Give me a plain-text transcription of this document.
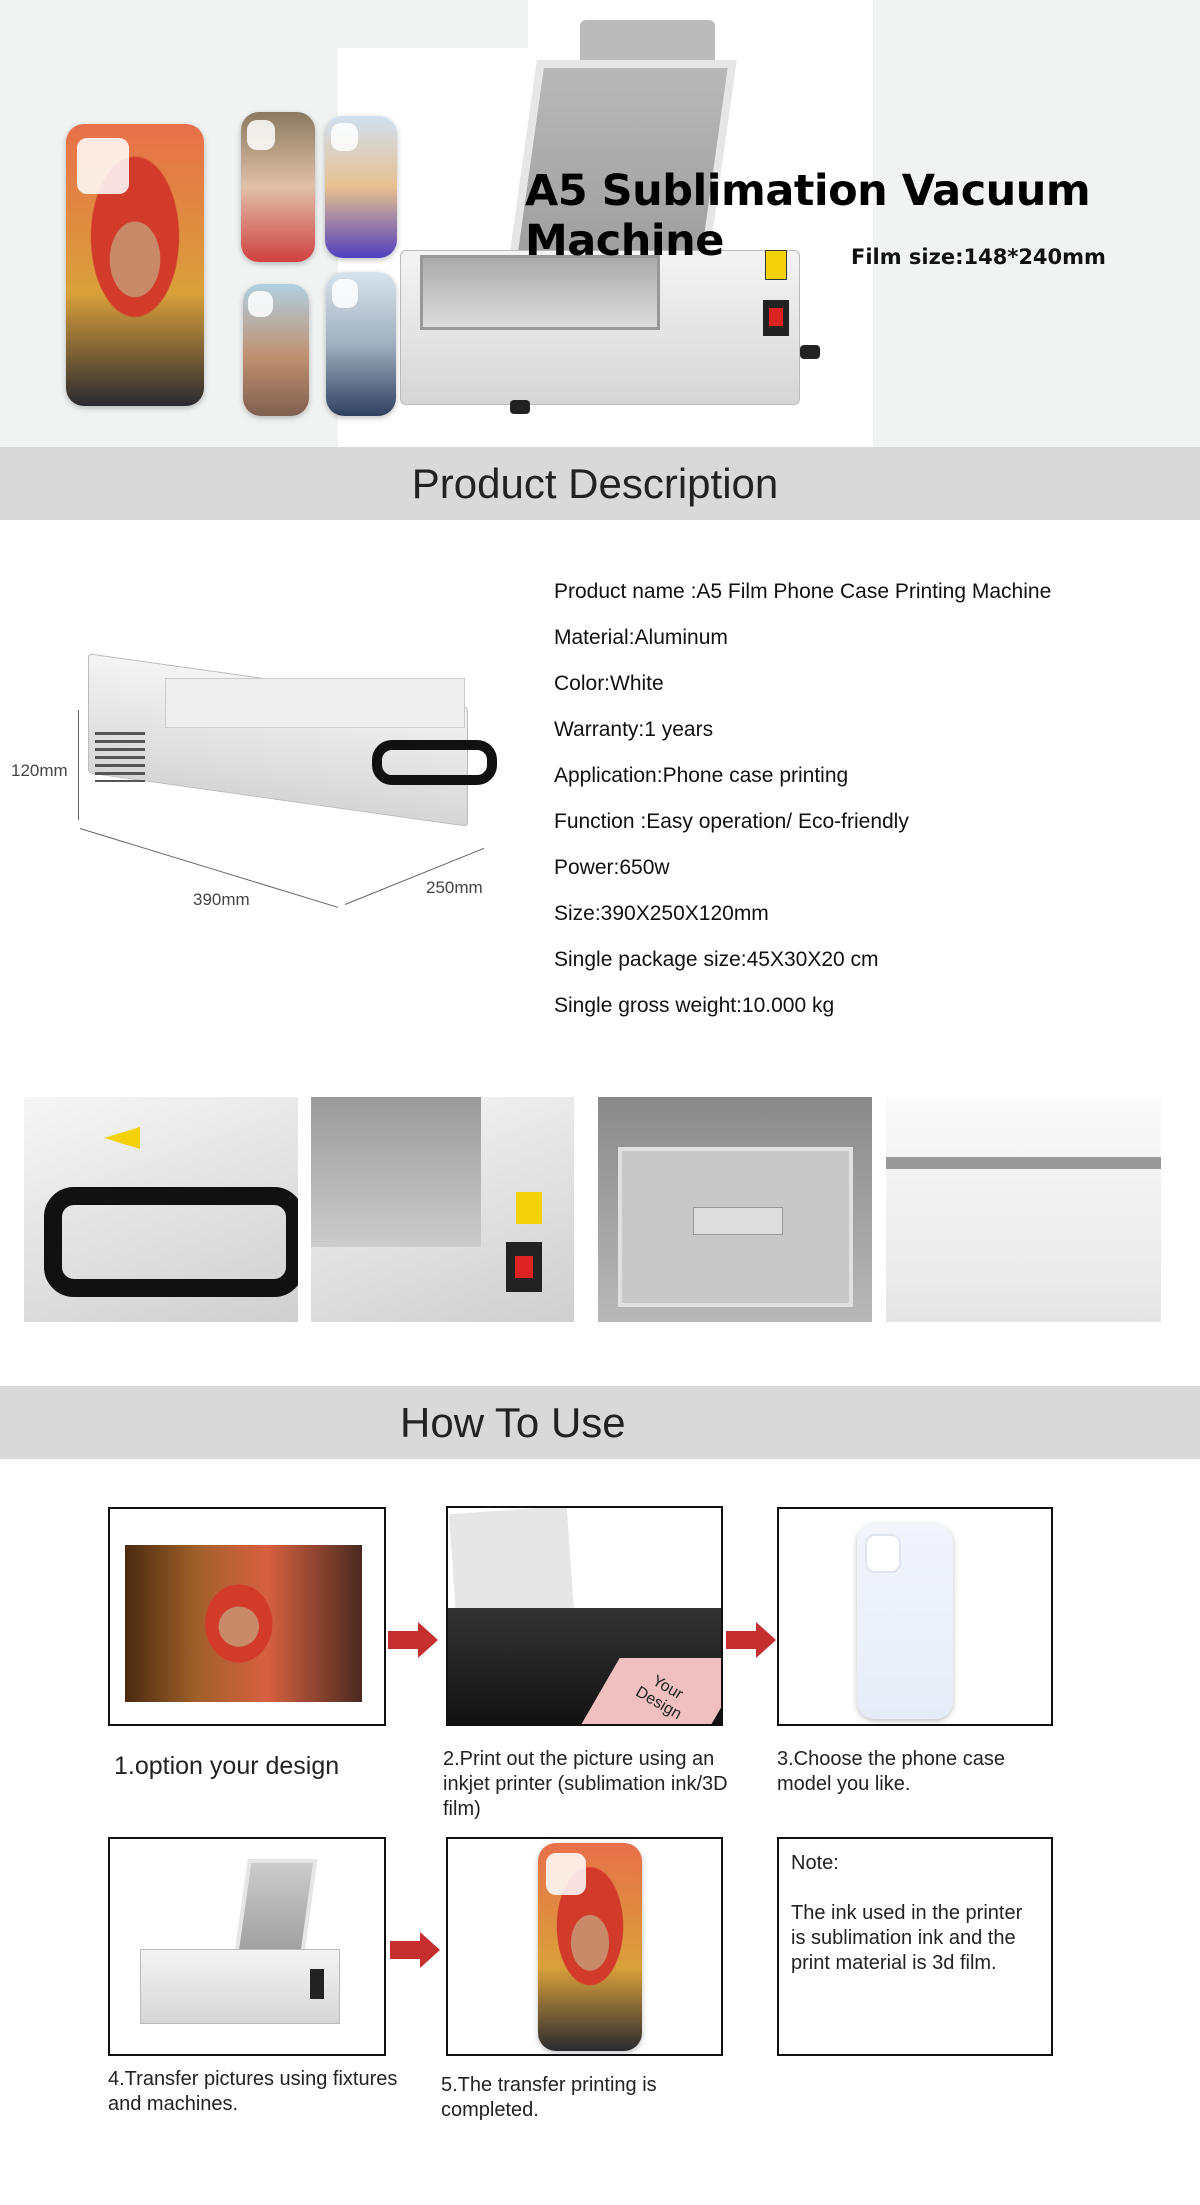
A5 Sublimation Vacuum Machine	Film size:148*240mm
Product Description
120mm
390mm
250mm
Product name :A5 Film Phone Case Printing Machine
Material:Aluminum
Color:White
Warranty:1 years
Application:Phone case printing
Function :Easy operation/ Eco-friendly
Power:650w
Size:390X250X120mm
Single package size:45X30X20 cm
Single gross weight:10.000 kg
How To Use
Your Design
1.option your design	2.Print out the picture using an inkjet printer (sublimation ink/3D film)
3.Choose the phone case model you like.
Note:
The ink used in the printer is sublimation ink and the print material is 3d film.
4.Transfer pictures using fixtures and machines.
5.The transfer printing is completed.
